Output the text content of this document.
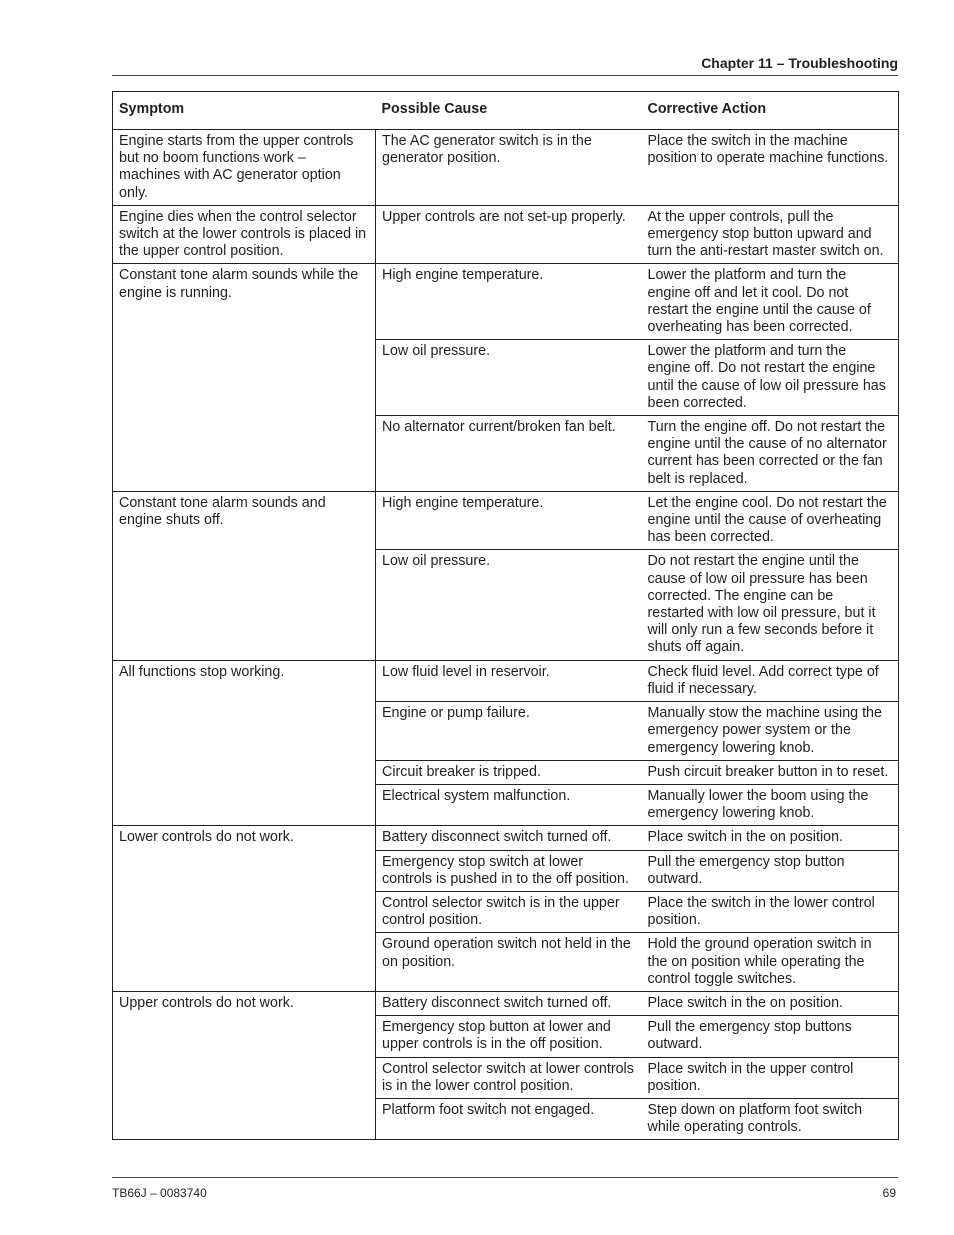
Chapter 11 – Troubleshooting
Symptom	Possible Cause	Corrective Action
Engine starts from the upper controls but no boom functions work – machines with AC generator option only.	The AC generator switch is in the generator position.	Place the switch in the machine position to operate machine functions.
Engine dies when the control selector switch at the lower controls is placed in the upper control position.	Upper controls are not set-up properly.	At the upper controls, pull the emergency stop button upward and turn the anti-restart master switch on.
Constant tone alarm sounds while the engine is running.	High engine temperature.	Lower the platform and turn the engine off and let it cool. Do not restart the engine until the cause of overheating has been corrected.
	Low oil pressure.	Lower the platform and turn the engine off. Do not restart the engine until the cause of low oil pressure has been corrected.
	No alternator current/broken fan belt.	Turn the engine off. Do not restart the engine until the cause of no alternator current has been corrected or the fan belt is replaced.
Constant tone alarm sounds and engine shuts off.	High engine temperature.	Let the engine cool. Do not restart the engine until the cause of overheating has been corrected.
	Low oil pressure.	Do not restart the engine until the cause of low oil pressure has been corrected. The engine can be restarted with low oil pressure, but it will only run a few seconds before it shuts off again.
All functions stop working.	Low fluid level in reservoir.	Check fluid level. Add correct type of fluid if necessary.
	Engine or pump failure.	Manually stow the machine using the emergency power system or the emergency lowering knob.
	Circuit breaker is tripped.	Push circuit breaker button in to reset.
	Electrical system malfunction.	Manually lower the boom using the emergency lowering knob.
Lower controls do not work.	Battery disconnect switch turned off.	Place switch in the on position.
	Emergency stop switch at lower controls is pushed in to the off position.	Pull the emergency stop button outward.
	Control selector switch is in the upper control position.	Place the switch in the lower control position.
	Ground operation switch not held in the on position.	Hold the ground operation switch in the on position while operating the control toggle switches.
Upper controls do not work.	Battery disconnect switch turned off.	Place switch in the on position.
	Emergency stop button at lower and upper controls is in the off position.	Pull the emergency stop buttons outward.
	Control selector switch at lower controls is in the lower control position.	Place switch in the upper control position.
	Platform foot switch not engaged.	Step down on platform foot switch while operating controls.
TB66J – 0083740	69
